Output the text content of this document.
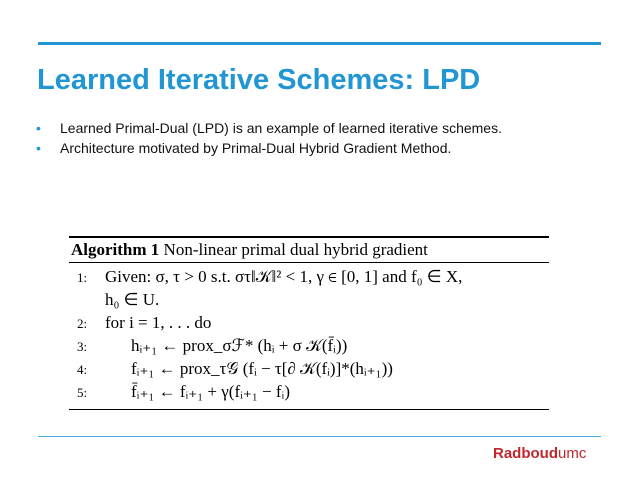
Learned Iterative Schemes: LPD
• Learned Primal-Dual (LPD) is an example of learned iterative schemes.
• Architecture motivated by Primal-Dual Hybrid Gradient Method.
Algorithm 1 Non-linear primal dual hybrid gradient
1:	Given: σ, τ > 0 s.t. στ‖𝒦‖² < 1, γ ∈ [0, 1] and f₀ ∈ X,
h₀ ∈ U.
2:	for i = 1, . . . do
3:	hᵢ₊₁ ← prox_σℱ* (hᵢ + σ 𝒦(f̄ᵢ))
4:	fᵢ₊₁ ← prox_τ𝒢 (fᵢ − τ[∂ 𝒦(fᵢ)]*(hᵢ₊₁))
5:	f̄ᵢ₊₁ ← fᵢ₊₁ + γ(fᵢ₊₁ − fᵢ)
Radboudumc
